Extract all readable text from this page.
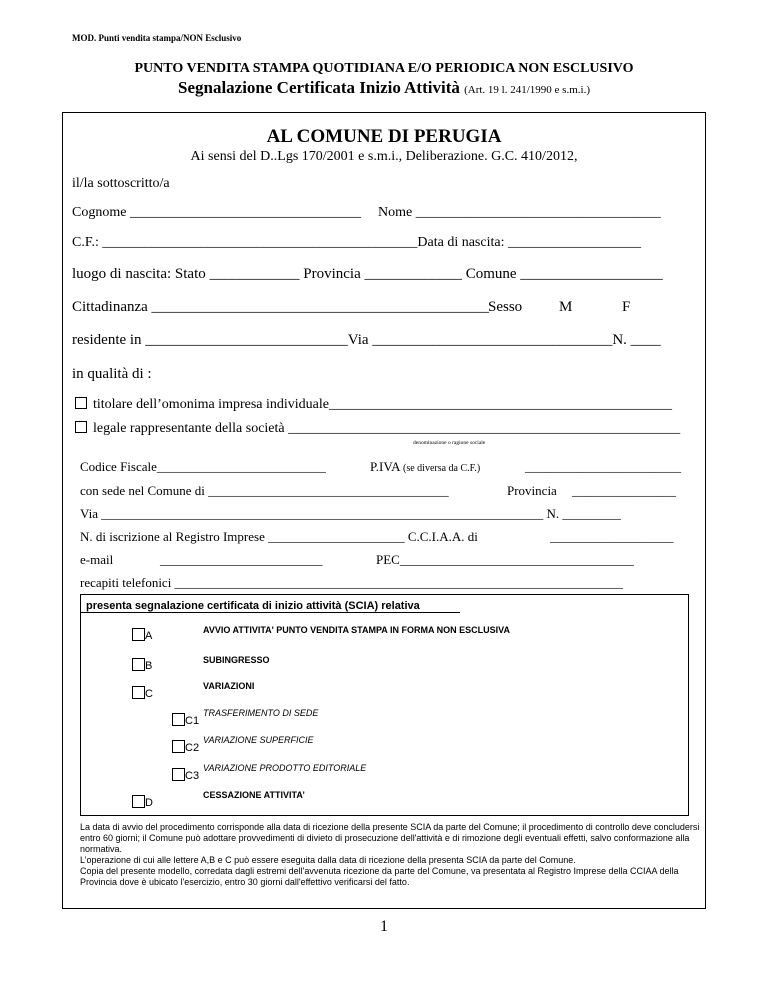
MOD. Punti vendita stampa/NON Esclusivo
PUNTO VENDITA STAMPA QUOTIDIANA E/O PERIODICA NON ESCLUSIVO
Segnalazione Certificata Inizio Attività (Art. 19 l. 241/1990 e s.m.i.)
AL COMUNE DI PERUGIA
Ai sensi del D..Lgs 170/2001 e s.m.i., Deliberazione. G.C. 410/2012,
il/la sottoscritto/a
Cognome _________________________________ Nome ___________________________________
C.F.: _____________________________________________Data di nascita: ___________________
luogo di nascita: Stato ____________ Provincia _____________ Comune ___________________
Cittadinanza _____________________________________________
Sesso M	F
residente in ___________________________Via ________________________________N. ____
in qualità di :
titolare dell’omonima impresa individuale_________________________________________________
legale rappresentante della società ________________________________________________________
denominazione o ragione sociale
Codice Fiscale__________________________	P.IVA (se diversa da C.F.)	________________________
con sede nel Comune di _____________________________________	Provincia ________________
Via ____________________________________________________________________ N. _________
N. di iscrizione al Registro Imprese _____________________ C.C.I.A.A. di	___________________
e-mail	_________________________	PEC____________________________________
recapiti telefonici _____________________________________________________________________
presenta segnalazione certificata di inizio attività (SCIA) relativa
A	AVVIO ATTIVITA' PUNTO VENDITA STAMPA IN FORMA NON ESCLUSIVA
B	SUBINGRESSO
C
VARIAZIONI
C1
TRASFERIMENTO DI SEDE
C2
VARIAZIONE SUPERFICIE
C3
VARIAZIONE PRODOTTO EDITORIALE
D
CESSAZIONE ATTIVITA’
La data di avvio del procedimento corrisponde alla data di ricezione della presente SCIA da parte del Comune; il procedimento di controllo deve concludersi entro 60 giorni; il Comune può adottare provvedimenti di divieto di prosecuzione dell'attività e di rimozione degli eventuali effetti, salvo conformazione alla normativa.
L’operazione di cui alle lettere A,B e C può essere eseguita dalla data di ricezione della presenta SCIA da parte del Comune.
Copia del presente modello, corredata dagli estremi dell'avvenuta ricezione da parte del Comune, va presentata al Registro Imprese della CCIAA della Provincia dove è ubicato l'esercizio, entro 30 giorni dall'effettivo verificarsi del fatto.
1
